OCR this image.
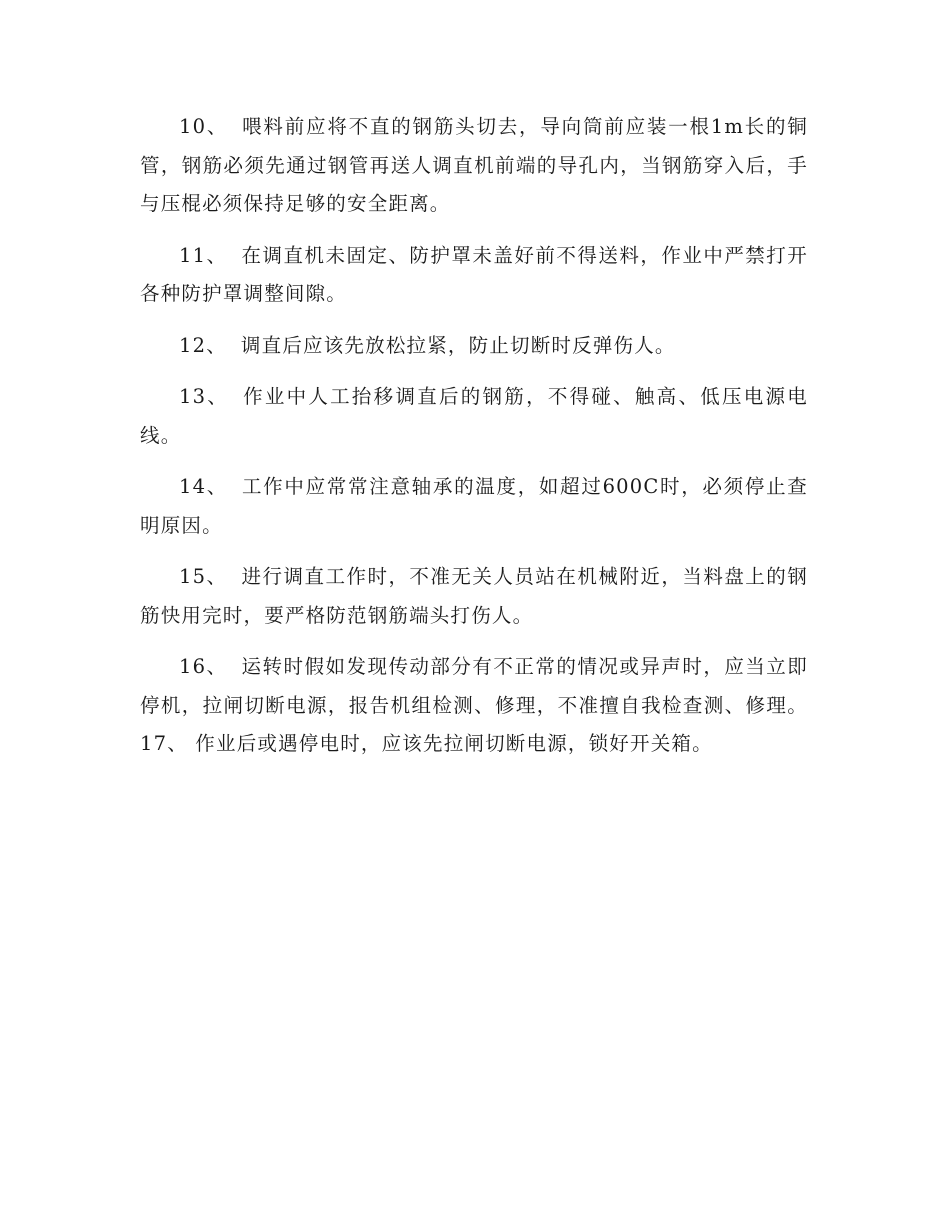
10、 喂料前应将不直的钢筋头切去，导向筒前应装一根1m长的铜管，钢筋必须先通过钢管再送人调直机前端的导孔内，当钢筋穿入后，手与压棍必须保持足够的安全距离。

11、 在调直机未固定、防护罩未盖好前不得送料，作业中严禁打开各种防护罩调整间隙。

12、 调直后应该先放松拉紧，防止切断时反弹伤人。

13、 作业中人工抬移调直后的钢筋，不得碰、触高、低压电源电线。

14、 工作中应常常注意轴承的温度，如超过600C时，必须停止查明原因。

15、 进行调直工作时，不准无关人员站在机械附近，当料盘上的钢筋快用完时，要严格防范钢筋端头打伤人。

16、 运转时假如发现传动部分有不正常的情况或异声时，应当立即停机，拉闸切断电源，报告机组检测、修理，不准擅自我检查测、修理。17、 作业后或遇停电时，应该先拉闸切断电源，锁好开关箱。
